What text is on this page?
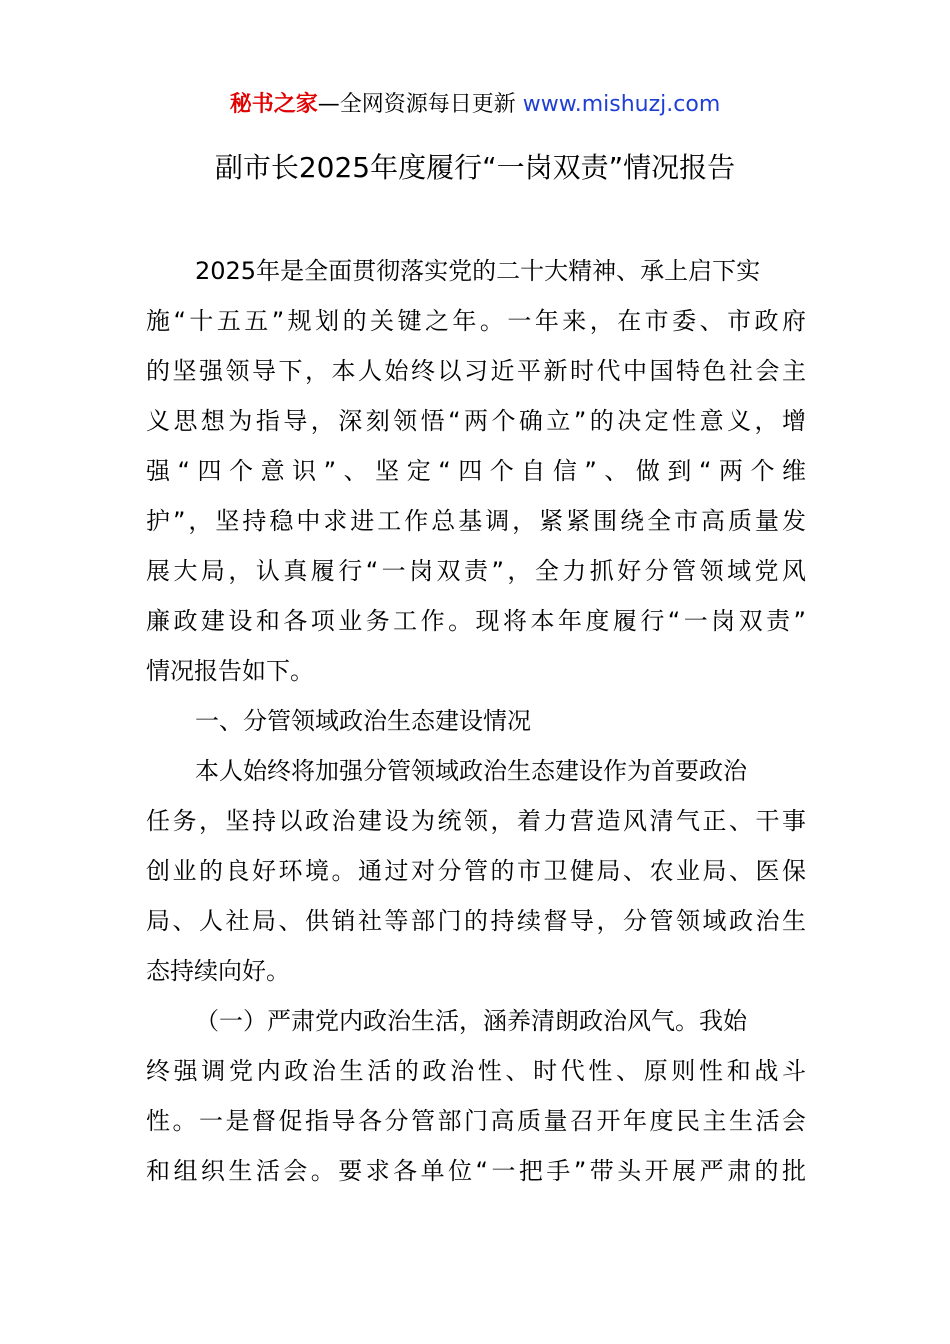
秘书之家—全网资源每日更新 www.mishuzj.com
副市长2025年度履行“一岗双责”情况报告
2025年是全面贯彻落实党的二十大精神、承上启下实
施“十五五”规划的关键之年。一年来，在市委、市政府
的坚强领导下，本人始终以习近平新时代中国特色社会主
义思想为指导，深刻领悟“两个确立”的决定性意义，增
强“四个意识”、坚定“四个自信”、做到“两个维
护”，坚持稳中求进工作总基调，紧紧围绕全市高质量发
展大局，认真履行“一岗双责”，全力抓好分管领域党风
廉政建设和各项业务工作。现将本年度履行“一岗双责”
情况报告如下。
一、分管领域政治生态建设情况
本人始终将加强分管领域政治生态建设作为首要政治
任务，坚持以政治建设为统领，着力营造风清气正、干事
创业的良好环境。通过对分管的市卫健局、农业局、医保
局、人社局、供销社等部门的持续督导，分管领域政治生
态持续向好。
（一）严肃党内政治生活，涵养清朗政治风气。我始
终强调党内政治生活的政治性、时代性、原则性和战斗
性。一是督促指导各分管部门高质量召开年度民主生活会
和组织生活会。要求各单位“一把手”带头开展严肃的批
